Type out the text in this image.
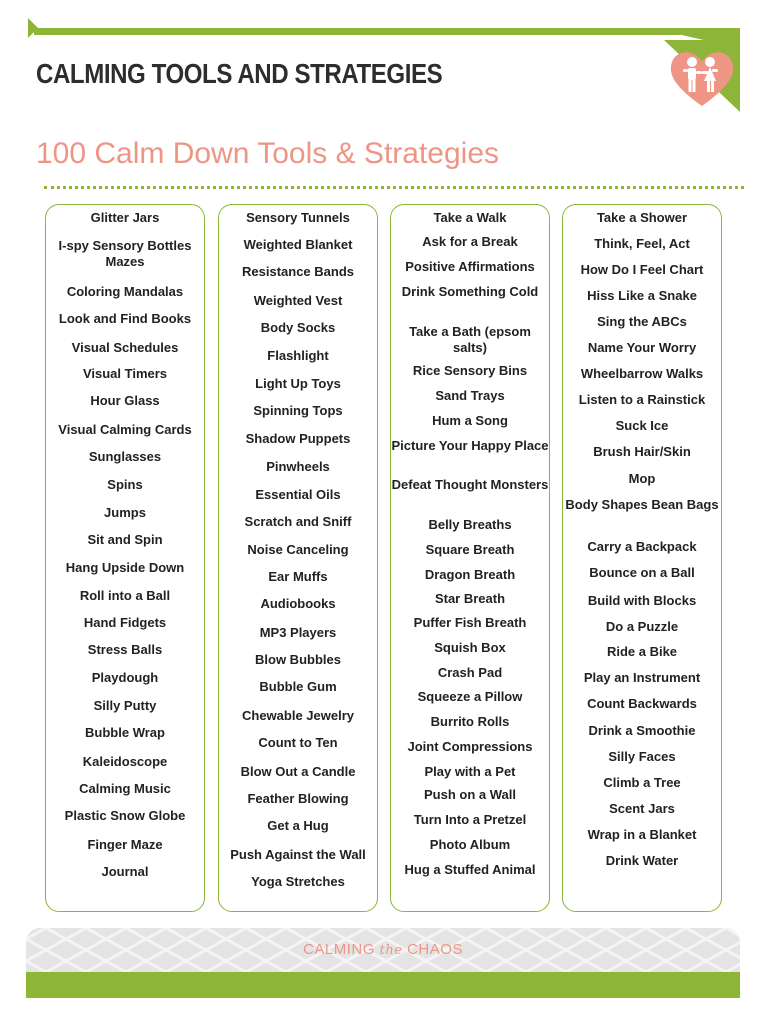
CALMING TOOLS AND STRATEGIES
100 Calm Down Tools & Strategies
Glitter Jars
I-spy Sensory Bottles Mazes
Coloring Mandalas
Look and Find Books
Visual Schedules
Visual Timers
Hour Glass
Visual Calming Cards
Sunglasses
Spins
Jumps
Sit and Spin
Hang Upside Down
Roll into a Ball
Hand Fidgets
Stress Balls
Playdough
Silly Putty
Bubble Wrap
Kaleidoscope
Calming Music
Plastic Snow Globe
Finger Maze
Journal
Sensory Tunnels
Weighted Blanket
Resistance Bands
Weighted Vest
Body Socks
Flashlight
Light Up Toys
Spinning Tops
Shadow Puppets
Pinwheels
Essential Oils
Scratch and Sniff
Noise Canceling
Ear Muffs
Audiobooks
MP3 Players
Blow Bubbles
Bubble Gum
Chewable Jewelry
Count to Ten
Blow Out a Candle
Feather Blowing
Get a Hug
Push Against the Wall
Yoga Stretches
Take a Walk
Ask for a Break
Positive Affirmations
Drink Something Cold
Take a Bath (epsom salts)
Rice Sensory Bins
Sand Trays
Hum a Song
Picture Your Happy Place
Defeat Thought Monsters
Belly Breaths
Square Breath
Dragon Breath
Star Breath
Puffer Fish Breath
Squish Box
Crash Pad
Squeeze a Pillow
Burrito Rolls
Joint Compressions
Play with a Pet
Push on a Wall
Turn Into a Pretzel
Photo Album
Hug a Stuffed Animal
Take a Shower
Think, Feel, Act
How Do I Feel Chart
Hiss Like a Snake
Sing the ABCs
Name Your Worry
Wheelbarrow Walks
Listen to a Rainstick
Suck Ice
Brush Hair/Skin
Mop
Body Shapes Bean Bags
Carry a Backpack
Bounce on a Ball
Build with Blocks
Do a Puzzle
Ride a Bike
Play an Instrument
Count Backwards
Drink a Smoothie
Silly Faces
Climb a Tree
Scent Jars
Wrap in a Blanket
Drink Water
CALMING the CHAOS
